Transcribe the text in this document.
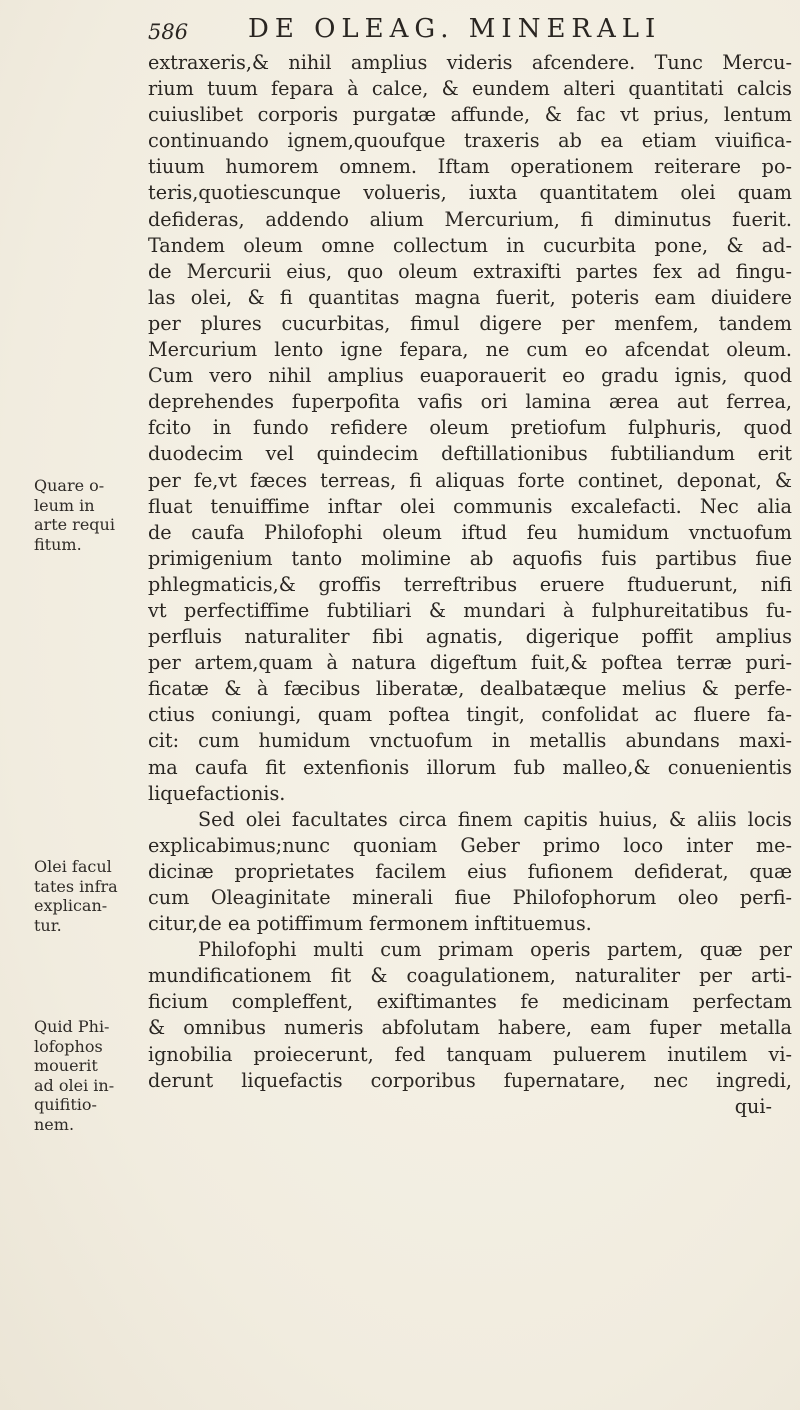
586 DE OLEAG. MINERALI
extraxeris,& nihil amplius videris afcendere. Tunc Mercu-
rium tuum fepara à calce, & eundem alteri quantitati calcis
cuiuslibet corporis purgatæ affunde, & fac vt prius, lentum
continuando ignem,quoufque traxeris ab ea etiam viuifica-
tiuum humorem omnem. Iftam operationem reiterare po-
teris,quotiescunque volueris, iuxta quantitatem olei quam
defideras, addendo alium Mercurium, fi diminutus fuerit.
Tandem oleum omne collectum in cucurbita pone, & ad-
de Mercurii eius, quo oleum extraxifti partes fex ad fingu-
las olei, & fi quantitas magna fuerit, poteris eam diuidere
per plures cucurbitas, fimul digere per menfem, tandem
Mercurium lento igne fepara, ne cum eo afcendat oleum.
Cum vero nihil amplius euaporauerit eo gradu ignis, quod
deprehendes fuperpofita vafis ori lamina ærea aut ferrea,
fcito in fundo refidere oleum pretiofum fulphuris, quod
duodecim vel quindecim deftillationibus fubtiliandum erit
per fe,vt fæces terreas, fi aliquas forte continet, deponat, &
fluat tenuiffime inftar olei communis excalefacti. Nec alia
de caufa Philofophi oleum iftud feu humidum vnctuofum
primigenium tanto molimine ab aquofis fuis partibus fiue
phlegmaticis,& groffis terreftribus eruere ftuduerunt, nifi
vt perfectiffime fubtiliari & mundari à fulphureitatibus fu-
perfluis naturaliter fibi agnatis, digerique poffit amplius
per artem,quam à natura digeftum fuit,& poftea terræ puri-
ficatæ & à fæcibus liberatæ, dealbatæque melius & perfe-
ctius coniungi, quam poftea tingit, confolidat ac fluere fa-
cit: cum humidum vnctuofum in metallis abundans maxi-
ma caufa fit extenfionis illorum fub malleo,& conuenientis
liquefactionis.
Sed olei facultates circa finem capitis huius, & aliis locis
explicabimus;nunc quoniam Geber primo loco inter me-
dicinæ proprietates facilem eius fufionem defiderat, quæ
cum Oleaginitate minerali fiue Philofophorum oleo perfi-
citur,de ea potiffimum fermonem inftituemus.
Philofophi multi cum primam operis partem, quæ per
mundificationem fit & coagulationem, naturaliter per arti-
ficium compleffent, exiftimantes fe medicinam perfectam
& omnibus numeris abfolutam habere, eam fuper metalla
ignobilia proiecerunt, fed tanquam puluerem inutilem vi-
derunt liquefactis corporibus fupernatare, nec ingredi,
qui-
Quare o-
leum in
arte requi
fitum.
Olei facul
tates infra
explican-
tur.
Quid Phi-
lofophos
mouerit
ad olei in-
quifitio-
nem.
